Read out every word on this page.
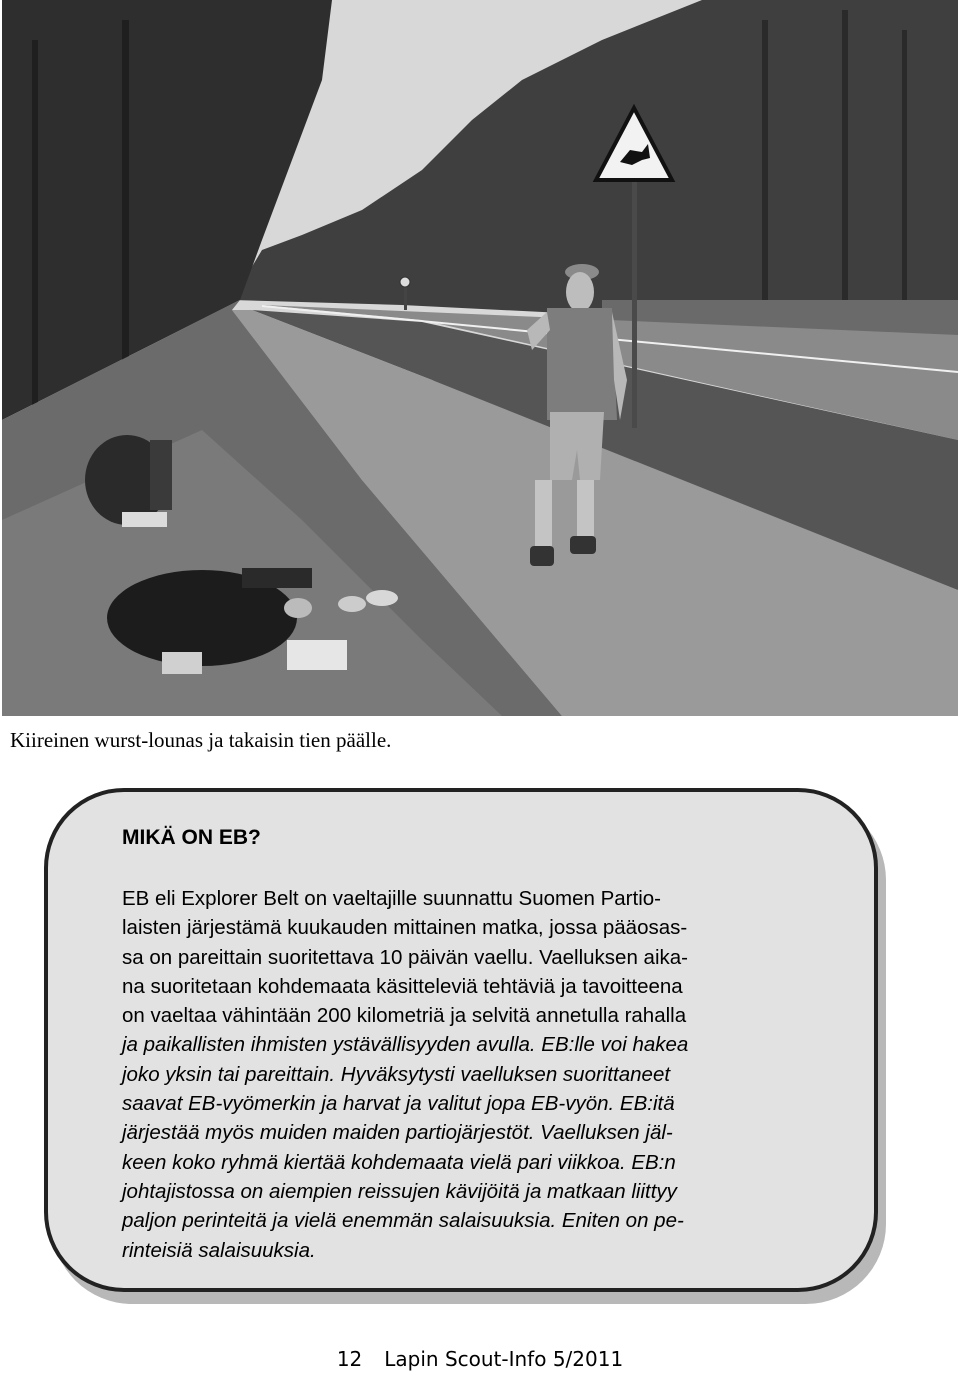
Kiireinen wurst-lounas ja takaisin tien päälle.
MIKÄ ON EB?
EB eli Explorer Belt on vaeltajille suunnattu Suomen Partio-
laisten järjestämä kuukauden mittainen matka, jossa pääosas-
sa on pareittain suoritettava 10 päivän vaellu. Vaelluksen aika-
na suoritetaan kohdemaata käsitteleviä tehtäviä ja tavoitteena
on vaeltaa vähintään 200 kilometriä ja selvitä annetulla rahalla
ja paikallisten ihmisten ystävällisyyden avulla. EB:lle voi hakea
joko yksin tai pareittain. Hyväksytysti vaelluksen suorittaneet
saavat EB-vyömerkin ja harvat ja valitut jopa EB-vyön. EB:itä
järjestää myös muiden maiden partiojärjestöt. Vaelluksen jäl-
keen koko ryhmä kiertää kohdemaata vielä pari viikkoa. EB:n
johtajistossa on aiempien reissujen kävijöitä ja matkaan liittyy
paljon perinteitä ja vielä enemmän salaisuuksia. Eniten on pe-
rinteisiä salaisuuksia.
12 Lapin Scout-Info 5/2011
